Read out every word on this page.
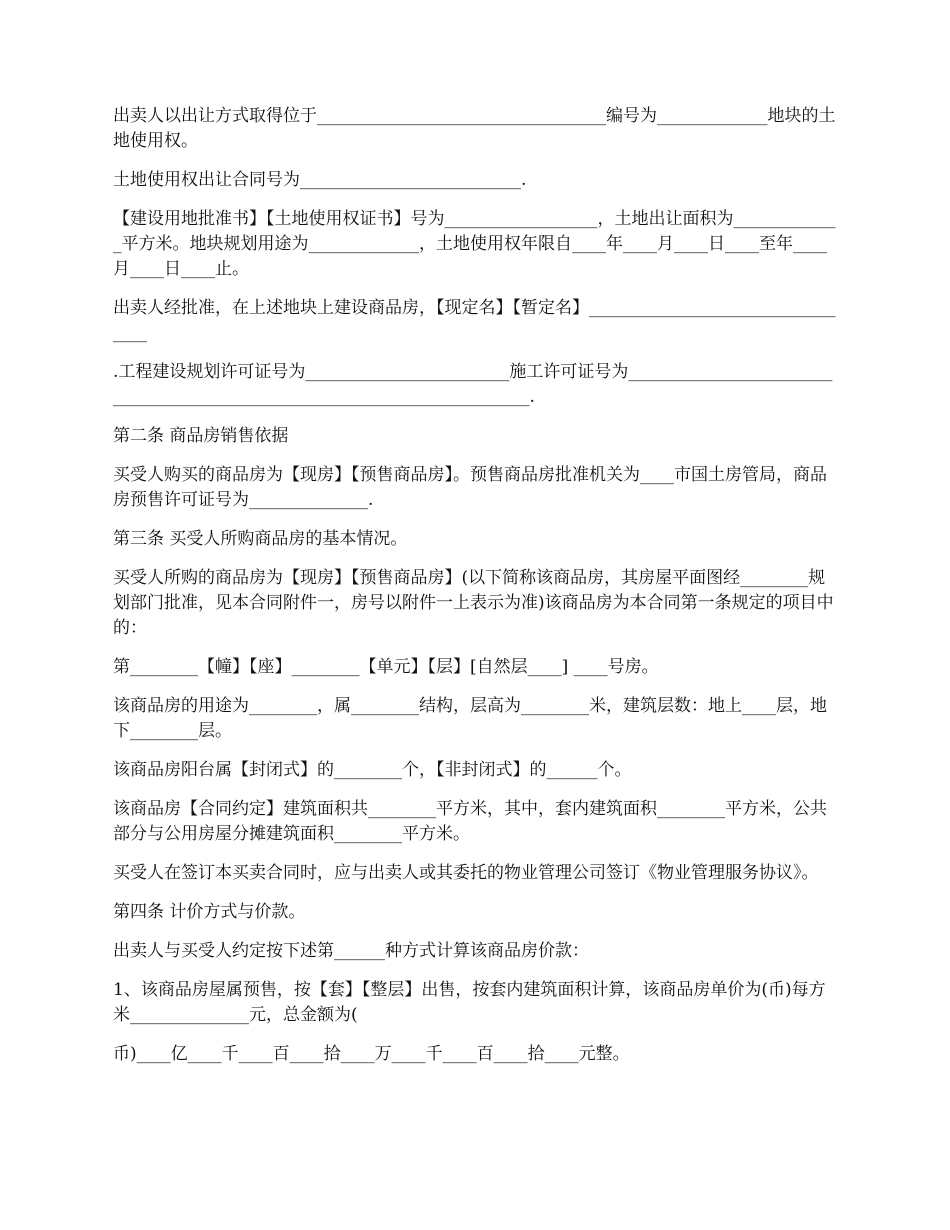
出卖人以出让方式取得位于__________________________________编号为_____________地块的土地使用权。

土地使用权出让合同号为__________________________.

【建设用地批准书】【土地使用权证书】号为__________________，土地出让面积为_____________平方米。地块规划用途为_____________，土地使用权年限自____年____月____日____至年____月____日____止。

出卖人经批准，在上述地块上建设商品房，【现定名】【暂定名】_________________________________

.工程建设规划许可证号为________________________施工许可证号为_________________________________________________________________________.

第二条 商品房销售依据

买受人购买的商品房为【现房】【预售商品房】。预售商品房批准机关为____市国土房管局，商品房预售许可证号为______________.

第三条 买受人所购商品房的基本情况。

买受人所购的商品房为【现房】【预售商品房】(以下简称该商品房，其房屋平面图经________规划部门批准，见本合同附件一，房号以附件一上表示为准)该商品房为本合同第一条规定的项目中的：

第________【幢】【座】________【单元】【层】[自然层____] ____号房。

该商品房的用途为________，属________结构，层高为________米，建筑层数：地上____层，地下________层。

该商品房阳台属【封闭式】的________个，【非封闭式】的______个。

该商品房【合同约定】建筑面积共________平方米，其中，套内建筑面积________平方米，公共部分与公用房屋分摊建筑面积________平方米。

买受人在签订本买卖合同时，应与出卖人或其委托的物业管理公司签订《物业管理服务协议》。

第四条 计价方式与价款。

出卖人与买受人约定按下述第______种方式计算该商品房价款：

1、该商品房屋属预售，按【套】【整层】出售，按套内建筑面积计算，该商品房单价为(币)每方米______________元，总金额为(

币)____亿____千____百____拾____万____千____百____拾____元整。
